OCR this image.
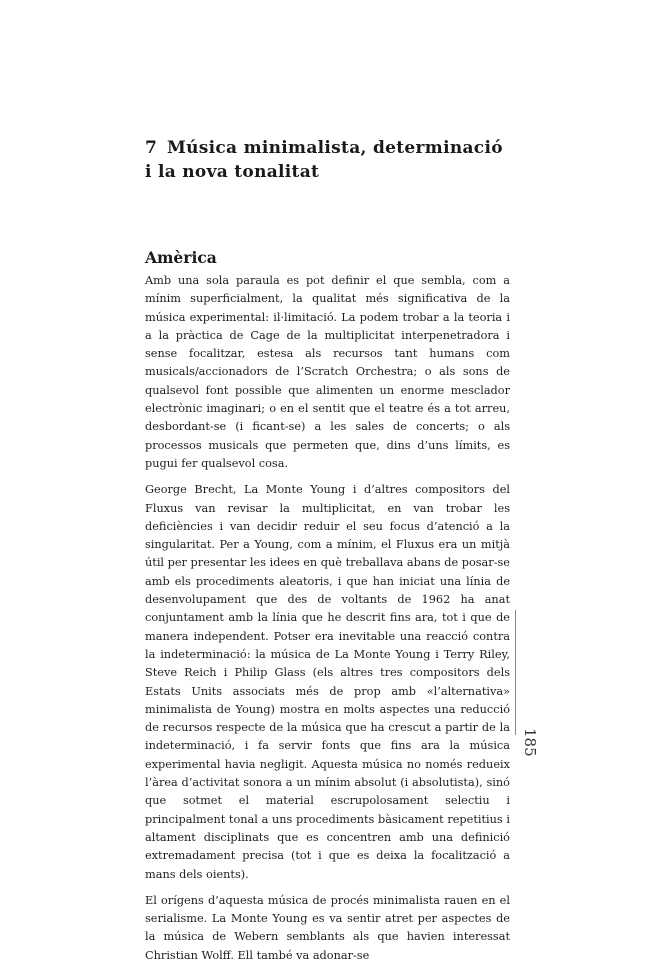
7 Música minimalista, determinació i la nova tonalitat
Amèrica

Amb una sola paraula es pot definir el que sembla, com a mínim superficialment, la qualitat més significativa de la música experimental: il·limitació. La podem trobar a la teoria i a la pràctica de Cage de la multiplicitat interpenetradora i sense focalitzar, estesa als recursos tant humans com musicals/accionadors de l’Scratch Orchestra; o als sons de qualsevol font possible que alimenten un enorme mesclador electrònic imaginari; o en el sentit que el teatre és a tot arreu, desbordant-se (i ficant-se) a les sales de concerts; o als processos musicals que permeten que, dins d’uns límits, es pugui fer qualsevol cosa.

George Brecht, La Monte Young i d’altres compositors del Fluxus van revisar la multiplicitat, en van trobar les deficiències i van decidir reduir el seu focus d’atenció a la singularitat. Per a Young, com a mínim, el Fluxus era un mitjà útil per presentar les idees en què treballava abans de posar-se amb els procediments aleatoris, i que han iniciat una línia de desenvolupament que des de voltants de 1962 ha anat conjuntament amb la línia que he descrit fins ara, tot i que de manera independent. Potser era inevitable una reacció contra la indeterminació: la música de La Monte Young i Terry Riley, Steve Reich i Philip Glass (els altres tres compositors dels Estats Units associats més de prop amb «l’alternativa» minimalista de Young) mostra en molts aspectes una reducció de recursos respecte de la música que ha crescut a partir de la indeterminació, i fa servir fonts que fins ara la música experimental havia negligit. Aquesta música no només redueix l’àrea d’activitat sonora a un mínim absolut (i absolutista), sinó que sotmet el material escrupolosament selectiu i principalment tonal a uns procediments bàsicament repetitius i altament disciplinats que es concentren amb una definició extremadament precisa (tot i que es deixa la focalització a mans dels oients).

El orígens d’aquesta música de procés minimalista rauen en el serialisme. La Monte Young es va sentir atret per aspectes de la música de Webern semblants als que havien interessat Christian Wolff. Ell també va adonar-se

185
